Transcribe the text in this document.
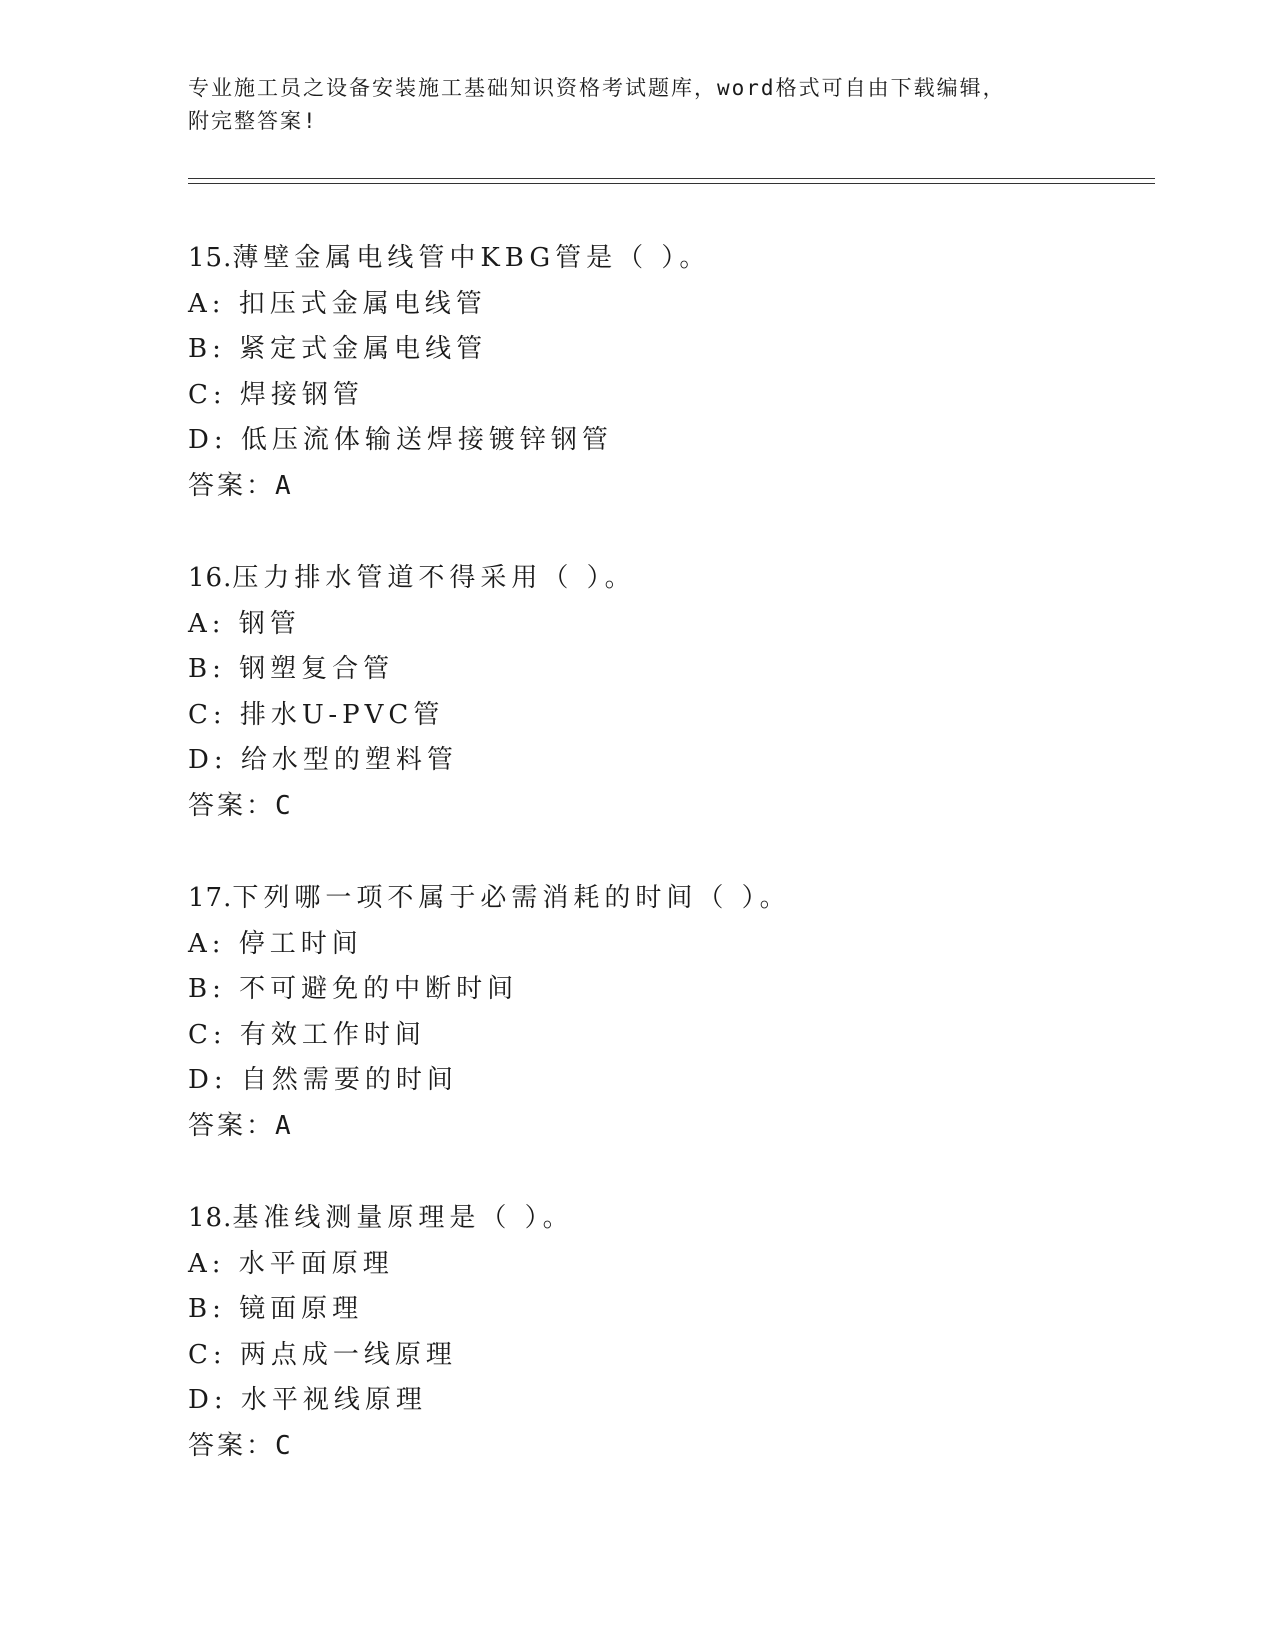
专业施工员之设备安装施工基础知识资格考试题库，word格式可自由下载编辑，
附完整答案!
15.薄壁金属电线管中KBG管是（ ）。
A: 扣压式金属电线管
B: 紧定式金属电线管
C: 焊接钢管
D: 低压流体输送焊接镀锌钢管
答案：A
16.压力排水管道不得采用（ ）。
A: 钢管
B: 钢塑复合管
C: 排水U-PVC管
D: 给水型的塑料管
答案：C
17.下列哪一项不属于必需消耗的时间（ ）。
A: 停工时间
B: 不可避免的中断时间
C: 有效工作时间
D: 自然需要的时间
答案：A
18.基准线测量原理是（ ）。
A: 水平面原理
B: 镜面原理
C: 两点成一线原理
D: 水平视线原理
答案：C
